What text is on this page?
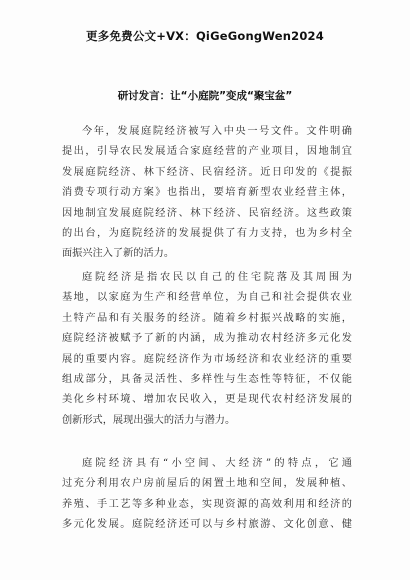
更多免费公文+VX：QiGeGongWen2024
研讨发言：让“小庭院”变成“聚宝盆”
今年，发展庭院经济被写入中央一号文件。文件明确
提出，引导农民发展适合家庭经营的产业项目，因地制宜
发展庭院经济、林下经济、民宿经济。近日印发的《提振
消费专项行动方案》也指出，要培育新型农业经营主体，
因地制宜发展庭院经济、林下经济、民宿经济。这些政策
的出台，为庭院经济的发展提供了有力支持，也为乡村全
面振兴注入了新的活力。
庭院经济是指农民以自己的住宅院落及其周围为
基地，以家庭为生产和经营单位，为自己和社会提供农业
土特产品和有关服务的经济。随着乡村振兴战略的实施，
庭院经济被赋予了新的内涵，成为推动农村经济多元化发
展的重要内容。庭院经济作为市场经济和农业经济的重要
组成部分，具备灵活性、多样性与生态性等特征，不仅能
美化乡村环境、增加农民收入，更是现代农村经济发展的
创新形式，展现出强大的活力与潜力。
庭院经济具有“小空间、大经济”的特点，它通
过充分利用农户房前屋后的闲置土地和空间，发展种植、
养殖、手工艺等多种业态，实现资源的高效利用和经济的
多元化发展。庭院经济还可以与乡村旅游、文化创意、健
